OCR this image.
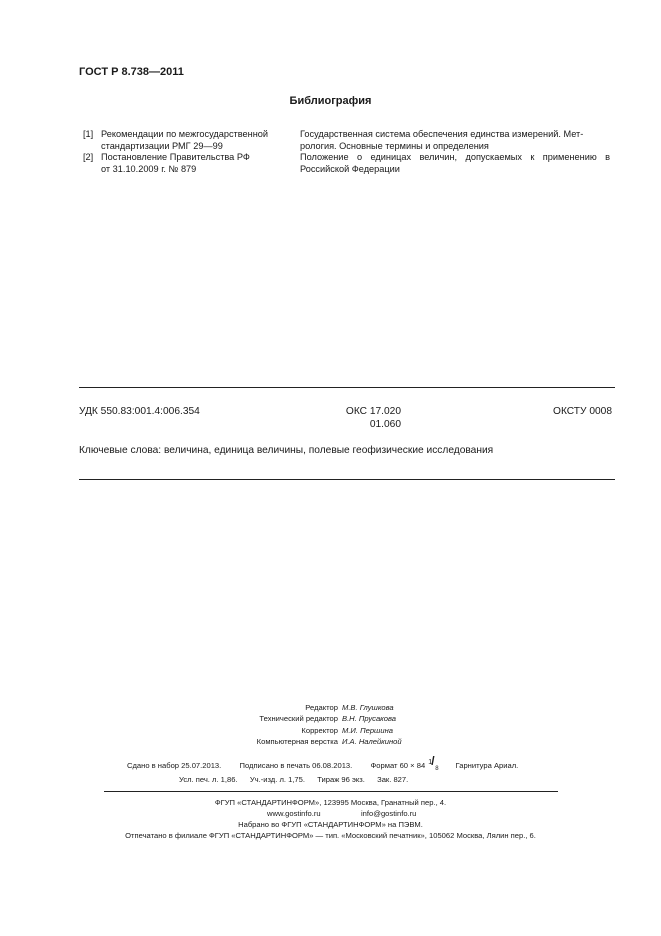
ГОСТ Р 8.738—2011
Библиография
[1] Рекомендации по межгосударственной
стандартизации РМГ 29—99
Государственная система обеспечения единства измерений. Мет-
рология. Основные термины и определения
[2] Постановление Правительства РФ
от 31.10.2009 г. № 879
Положение о единицах величин, допускаемых к применению в
Российской Федерации
УДК 550.83:001.4:006.354	ОКС 17.020
01.060
ОКСТУ 0008
Ключевые слова: величина, единица величины, полевые геофизические исследования
Редактор М.В. Глушкова
Технический редактор В.Н. Прусакова
Корректор М.И. Першина
Компьютерная верстка И.А. Налейкиной
Сдано в набор 25.07.2013. Подписано в печать 06.08.2013. Формат 60 × 84 1 /
8 Гарнитура Ариал.
Усл. печ. л. 1,86. Уч.-изд. л. 1,75. Тираж 96 экз. Зак. 827.
ФГУП «СТАНДАРТИНФОРМ», 123995 Москва, Гранатный пер., 4.
www.gostinfo.ru	info@gostinfo.ru
Набрано во ФГУП «СТАНДАРТИНФОРМ» на ПЭВМ.
Отпечатано в филиале ФГУП «СТАНДАРТИНФОРМ» — тип. «Московский печатник», 105062 Москва, Лялин пер., 6.
